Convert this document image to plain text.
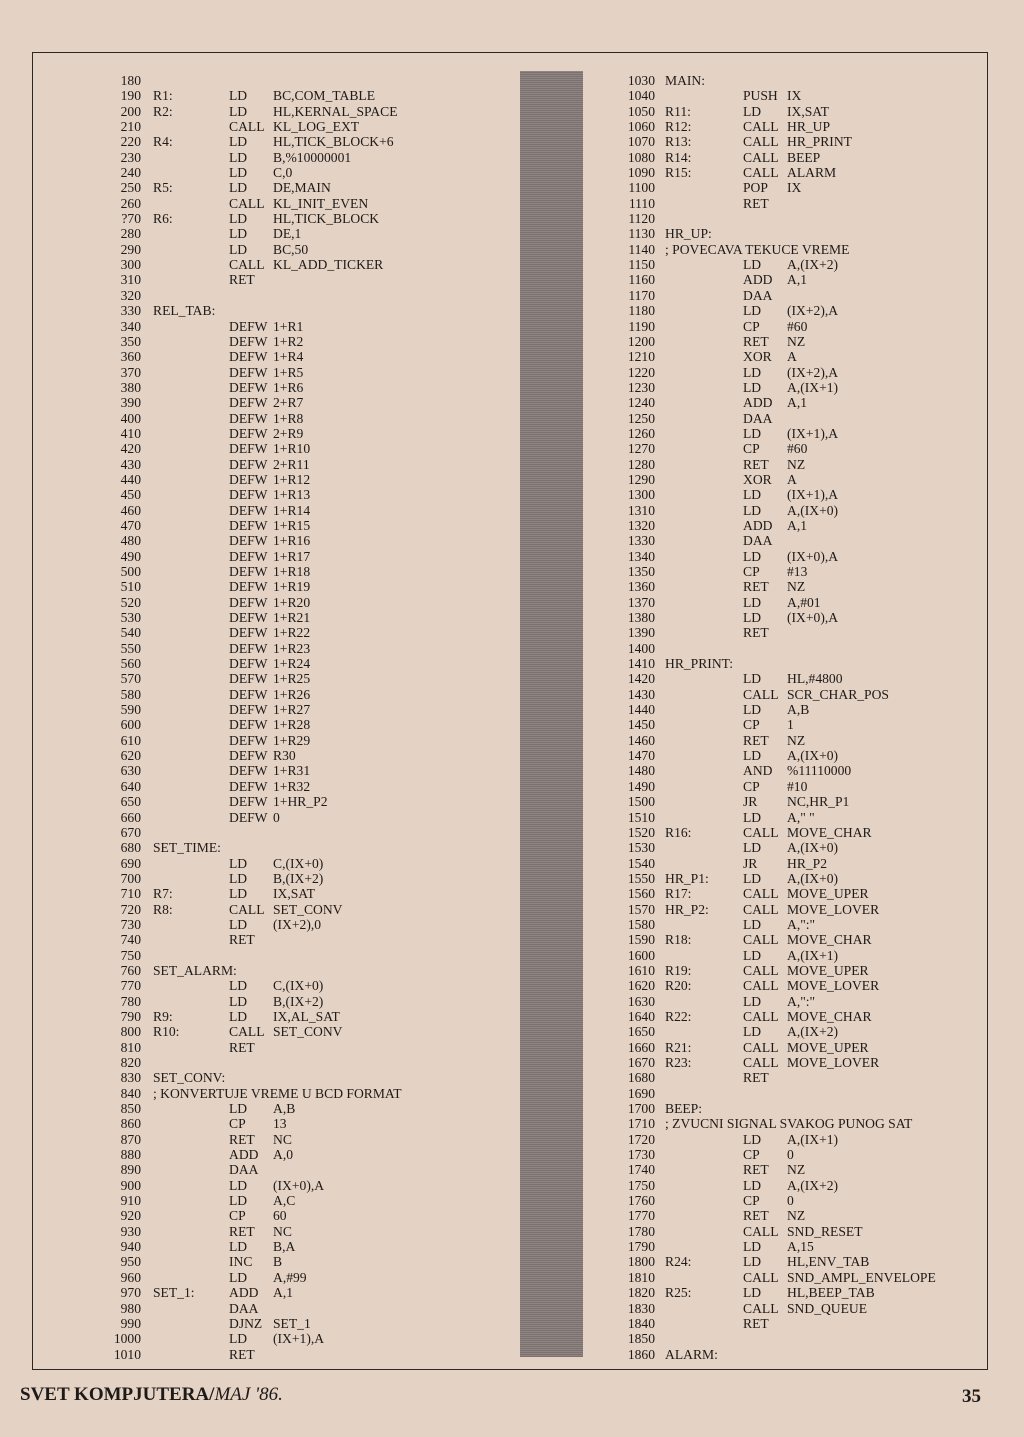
180
190 R1:	LD BC,COM_TABLE
200 R2:	LD HL,KERNAL_SPACE
210	CALL KL_LOG_EXT
220 R4:	LD HL,TICK_BLOCK+6
230	LD B,%10000001
240	LD C,0
250 R5:	LD DE,MAIN
260	CALL KL_INIT_EVEN
?70 R6:	LD HL,TICK_BLOCK
280	LD DE,1
290	LD BC,50
300	CALL KL_ADD_TICKER
310	RET
320
330 REL_TAB:
340	DEFW 1+R1
350	DEFW 1+R2
360	DEFW 1+R4
370	DEFW 1+R5
380	DEFW 1+R6
390	DEFW 2+R7
400	DEFW 1+R8
410	DEFW 2+R9
420	DEFW 1+R10
430	DEFW 2+R11
440	DEFW 1+R12
450	DEFW 1+R13
460	DEFW 1+R14
470	DEFW 1+R15
480	DEFW 1+R16
490	DEFW 1+R17
500	DEFW 1+R18
510	DEFW 1+R19
520	DEFW 1+R20
530	DEFW 1+R21
540	DEFW 1+R22
550	DEFW 1+R23
560	DEFW 1+R24
570	DEFW 1+R25
580	DEFW 1+R26
590	DEFW 1+R27
600	DEFW 1+R28
610	DEFW 1+R29
620	DEFW R30
630	DEFW 1+R31
640	DEFW 1+R32
650	DEFW 1+HR_P2
660	DEFW 0
670
680 SET_TIME:
690	LD C,(IX+0)
700	LD B,(IX+2)
710 R7:	LD IX,SAT
720 R8:	CALL SET_CONV
730	LD (IX+2),0
740	RET
750
760 SET_ALARM:
770	LD C,(IX+0)
780	LD B,(IX+2)
790 R9:	LD IX,AL_SAT
800 R10:	CALL SET_CONV
810	RET
820
830 SET_CONV:
840 ; KONVERTUJE VREME U BCD FORMAT
850	LD A,B
860	CP 13
870	RET NC
880	ADD A,0
890	DAA
900	LD (IX+0),A
910	LD A,C
920	CP 60
930	RET NC
940	LD B,A
950	INC B
960	LD A,#99
970 SET_1:	ADD A,1
980	DAA
990	DJNZ SET_1
1000	LD (IX+1),A
1010	RET
1030 MAIN:
1040	PUSH IX
1050 R11:	LD IX,SAT
1060 R12:	CALL HR_UP
1070 R13:	CALL HR_PRINT
1080 R14:	CALL BEEP
1090 R15:	CALL ALARM
1100	POP IX
1110	RET
1120
1130 HR_UP:
1140 ; POVECAVA TEKUCE VREME
1150	LD A,(IX+2)
1160	ADD A,1
1170	DAA
1180	LD (IX+2),A
1190	CP #60
1200	RET NZ
1210	XOR A
1220	LD (IX+2),A
1230	LD A,(IX+1)
1240	ADD A,1
1250	DAA
1260	LD (IX+1),A
1270	CP #60
1280	RET NZ
1290	XOR A
1300	LD (IX+1),A
1310	LD A,(IX+0)
1320	ADD A,1
1330	DAA
1340	LD (IX+0),A
1350	CP #13
1360	RET NZ
1370	LD A,#01
1380	LD (IX+0),A
1390	RET
1400
1410 HR_PRINT:
1420	LD HL,#4800
1430	CALL SCR_CHAR_POS
1440	LD A,B
1450	CP 1
1460	RET NZ
1470	LD A,(IX+0)
1480	AND %11110000
1490	CP #10
1500	JR NC,HR_P1
1510	LD A," "
1520 R16:	CALL MOVE_CHAR
1530	LD A,(IX+0)
1540	JR HR_P2
1550 HR_P1:	LD A,(IX+0)
1560 R17:	CALL MOVE_UPER
1570 HR_P2:	CALL MOVE_LOVER
1580	LD A,":"
1590 R18:	CALL MOVE_CHAR
1600	LD A,(IX+1)
1610 R19:	CALL MOVE_UPER
1620 R20:	CALL MOVE_LOVER
1630	LD A,":"
1640 R22:	CALL MOVE_CHAR
1650	LD A,(IX+2)
1660 R21:	CALL MOVE_UPER
1670 R23:	CALL MOVE_LOVER
1680	RET
1690
1700 BEEP:
1710 ; ZVUCNI SIGNAL SVAKOG PUNOG SAT
1720	LD A,(IX+1)
1730	CP 0
1740	RET NZ
1750	LD A,(IX+2)
1760	CP 0
1770	RET NZ
1780	CALL SND_RESET
1790	LD A,15
1800 R24:	LD HL,ENV_TAB
1810	CALL SND_AMPL_ENVELOPE
1820 R25:	LD HL,BEEP_TAB
1830	CALL SND_QUEUE
1840	RET
1850
1860 ALARM:
SVET KOMPJUTERA/MAJ '86.	35
